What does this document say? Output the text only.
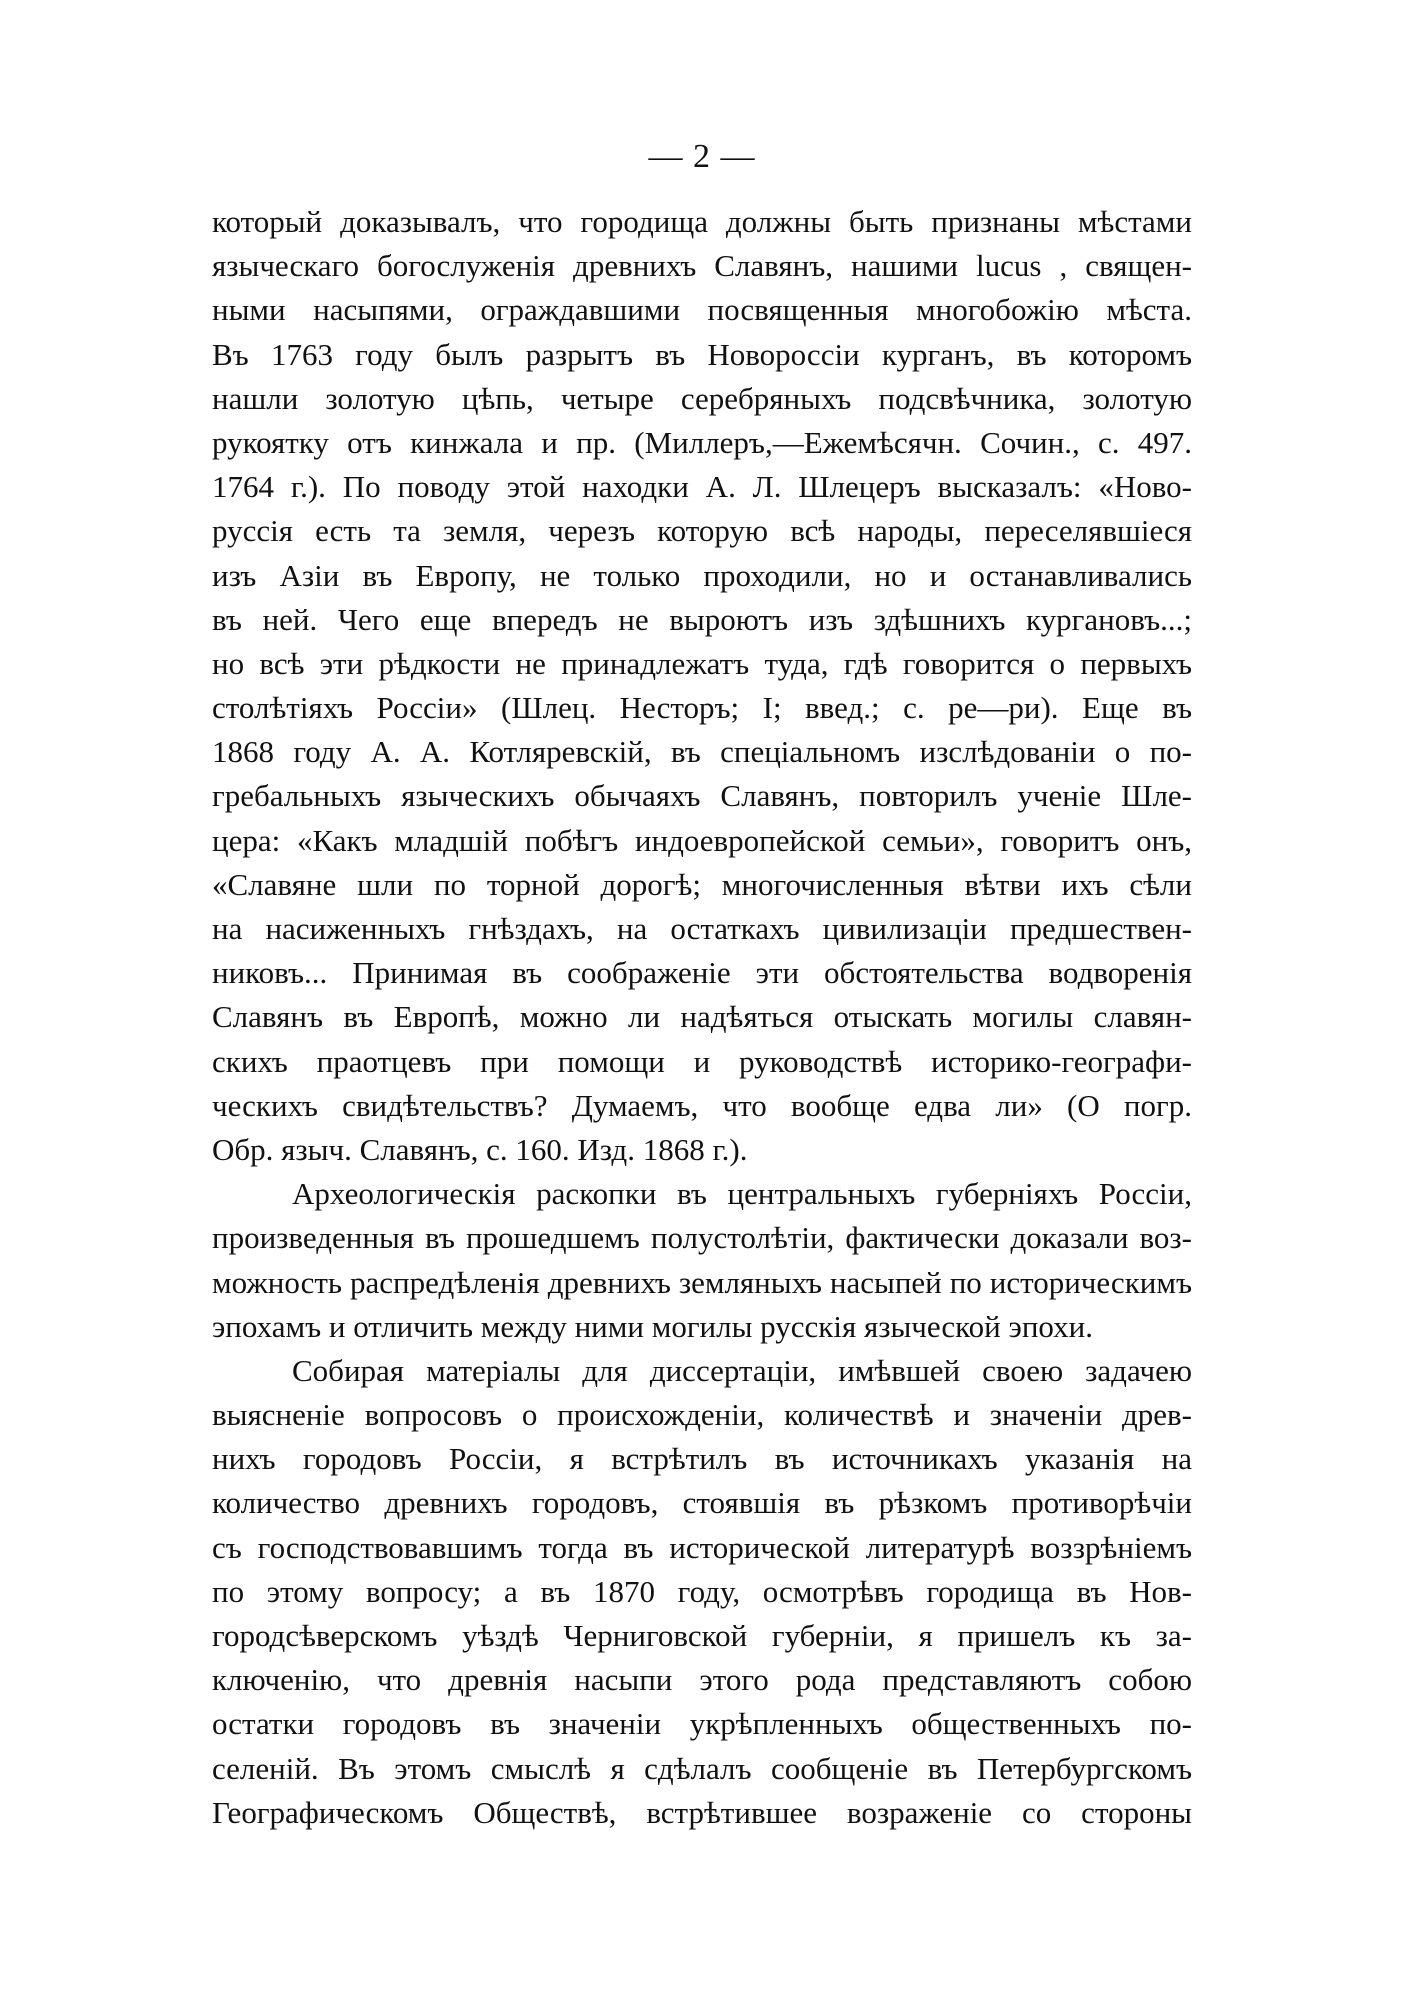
— 2 —
который доказывалъ, что городища должны быть признаны мѣстами
языческаго богослуженія древнихъ Славянъ, нашими lucus , священ-
ными насыпями, ограждавшими посвященныя многобожію мѣста.
Въ 1763 году былъ разрытъ въ Новороссіи курганъ, въ которомъ
нашли золотую цѣпь, четыре серебряныхъ подсвѣчника, золотую
рукоятку отъ кинжала и пр. (Миллеръ,—Ежемѣсячн. Сочин., с. 497.
1764 г.). По поводу этой находки А. Л. Шлецеръ высказалъ: «Ново-
руссія есть та земля, черезъ которую всѣ народы, переселявшіеся
изъ Азіи въ Европу, не только проходили, но и останавливались
въ ней. Чего еще впередъ не выроютъ изъ здѣшнихъ кургановъ...;
но всѣ эти рѣдкости не принадлежатъ туда, гдѣ говорится о первыхъ
столѣтіяхъ Россіи» (Шлец. Несторъ; I; введ.; с. ре—ри). Еще въ
1868 году А. А. Котляревскій, въ спеціальномъ изслѣдованіи о по-
гребальныхъ языческихъ обычаяхъ Славянъ, повторилъ ученіе Шле-
цера: «Какъ младшій побѣгъ индоевропейской семьи», говоритъ онъ,
«Славяне шли по торной дорогѣ; многочисленныя вѣтви ихъ сѣли
на насиженныхъ гнѣздахъ, на остаткахъ цивилизаціи предшествен-
никовъ... Принимая въ соображеніе эти обстоятельства водворенія
Славянъ въ Европѣ, можно ли надѣяться отыскать могилы славян-
скихъ праотцевъ при помощи и руководствѣ историко-географи-
ческихъ свидѣтельствъ? Думаемъ, что вообще едва ли» (О погр.
Обр. языч. Славянъ, с. 160. Изд. 1868 г.).
Археологическія раскопки въ центральныхъ губерніяхъ Россіи,
произведенныя въ прошедшемъ полустолѣтіи, фактически доказали воз-
можность распредѣленія древнихъ земляныхъ насыпей по историческимъ
эпохамъ и отличить между ними могилы русскія языческой эпохи.
Собирая матеріалы для диссертаціи, имѣвшей своею задачею
выясненіе вопросовъ о происхожденіи, количествѣ и значеніи древ-
нихъ городовъ Россіи, я встрѣтилъ въ источникахъ указанія на
количество древнихъ городовъ, стоявшія въ рѣзкомъ противорѣчіи
съ господствовавшимъ тогда въ исторической литературѣ воззрѣніемъ
по этому вопросу; а въ 1870 году, осмотрѣвъ городища въ Нов-
городсѣверскомъ уѣздѣ Черниговской губерніи, я пришелъ къ за-
ключенію, что древнія насыпи этого рода представляютъ собою
остатки городовъ въ значеніи укрѣпленныхъ общественныхъ по-
селеній. Въ этомъ смыслѣ я сдѣлалъ сообщеніе въ Петербургскомъ
Географическомъ Обществѣ, встрѣтившее возраженіе со стороны
